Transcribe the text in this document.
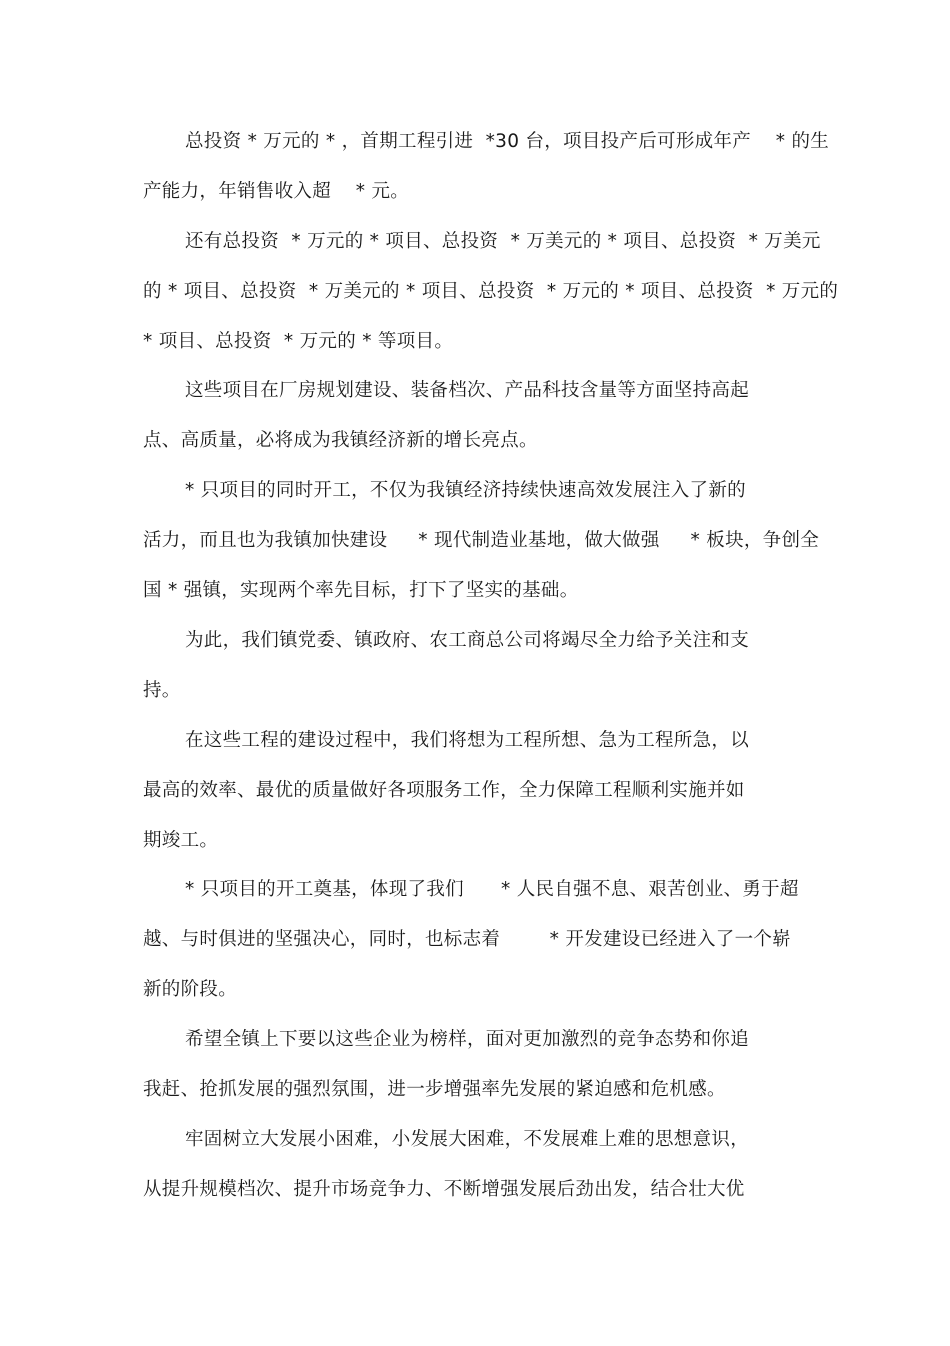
总投资 * 万元的 * ，首期工程引进  *30 台，项目投产后可形成年产    * 的生
产能力，年销售收入超    * 元。
还有总投资  * 万元的 * 项目、总投资  * 万美元的 * 项目、总投资  * 万美元
的 * 项目、总投资  * 万美元的 * 项目、总投资  * 万元的 * 项目、总投资  * 万元的
* 项目、总投资  * 万元的 * 等项目。
这些项目在厂房规划建设、装备档次、产品科技含量等方面坚持高起
点、高质量，必将成为我镇经济新的增长亮点。
* 只项目的同时开工，不仅为我镇经济持续快速高效发展注入了新的
活力，而且也为我镇加快建设     * 现代制造业基地，做大做强     * 板块，争创全
国 * 强镇，实现两个率先目标，打下了坚实的基础。
为此，我们镇党委、镇政府、农工商总公司将竭尽全力给予关注和支
持。
在这些工程的建设过程中，我们将想为工程所想、急为工程所急，以
最高的效率、最优的质量做好各项服务工作，全力保障工程顺利实施并如
期竣工。
* 只项目的开工奠基，体现了我们      * 人民自强不息、艰苦创业、勇于超
越、与时俱进的坚强决心，同时，也标志着        * 开发建设已经进入了一个崭
新的阶段。
希望全镇上下要以这些企业为榜样，面对更加激烈的竞争态势和你追
我赶、抢抓发展的强烈氛围，进一步增强率先发展的紧迫感和危机感。
牢固树立大发展小困难，小发展大困难，不发展难上难的思想意识，
从提升规模档次、提升市场竞争力、不断增强发展后劲出发，结合壮大优
